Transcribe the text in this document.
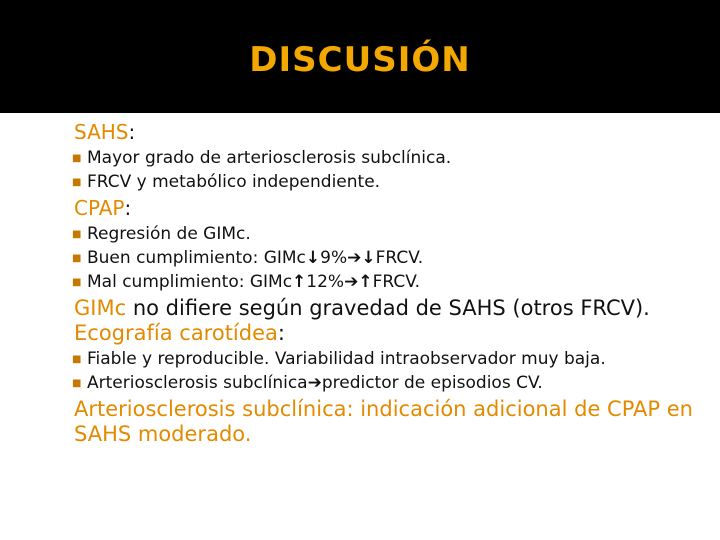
DISCUSIÓN
SAHS:
■ Mayor grado de arteriosclerosis subclínica.
■ FRCV y metabólico independiente.
CPAP:
■ Regresión de GIMc.
■ Buen cumplimiento: GIMc↓9%➔↓FRCV.
■ Mal cumplimiento: GIMc↑12%➔↑FRCV.
GIMc no difiere según gravedad de SAHS (otros FRCV).
Ecografía carotídea:
■ Fiable y reproducible. Variabilidad intraobservador muy baja.
■ Arteriosclerosis subclínica➔predictor de episodios CV.
Arteriosclerosis subclínica: indicación adicional de CPAP en SAHS moderado.
